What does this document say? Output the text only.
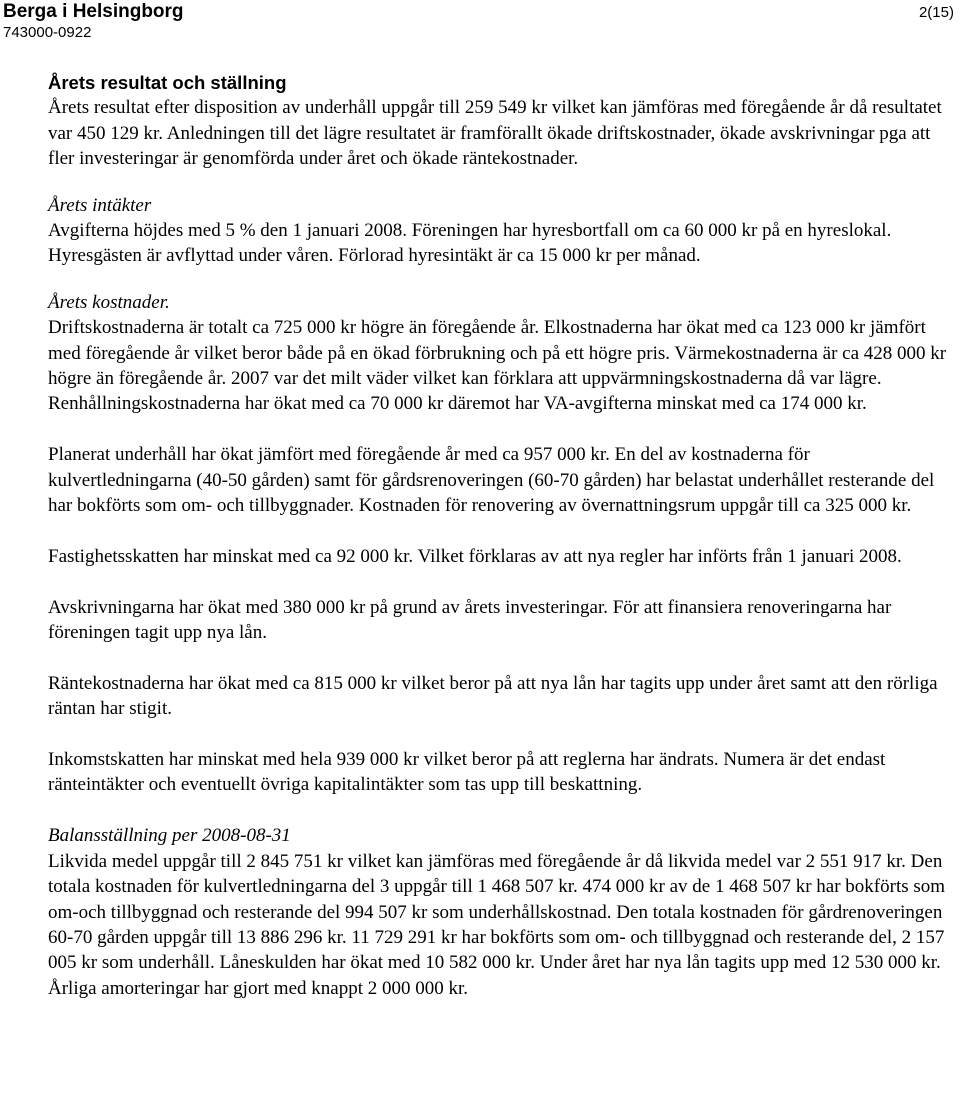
Berga i Helsingborg
743000-0922
2(15)
Årets resultat och ställning

Årets resultat efter disposition av underhåll uppgår till 259 549 kr vilket kan jämföras med föregående år då resultatet var 450 129 kr. Anledningen till det lägre resultatet är framförallt ökade driftskostnader, ökade avskrivningar pga att fler investeringar är genomförda under året och ökade räntekostnader.

Årets intäkter

Avgifterna höjdes med 5 % den 1 januari 2008. Föreningen har hyresbortfall om ca 60 000 kr på en hyreslokal. Hyresgästen är avflyttad under våren. Förlorad hyresintäkt är ca 15 000 kr per månad.

Årets kostnader.

Driftskostnaderna är totalt ca 725 000 kr högre än föregående år. Elkostnaderna har ökat med ca 123 000 kr jämfört med föregående år vilket beror både på en ökad förbrukning och på ett högre pris. Värmekostnaderna är ca 428 000 kr högre än föregående år. 2007 var det milt väder vilket kan förklara att uppvärmningskostnaderna då var lägre. Renhållningskostnaderna har ökat med ca 70 000 kr däremot har VA-avgifterna minskat med ca 174 000 kr.

Planerat underhåll har ökat jämfört med föregående år med ca 957 000 kr. En del av kostnaderna för kulvertledningarna (40-50 gården) samt för gårdsrenoveringen (60-70 gården) har belastat underhållet resterande del har bokförts som om- och tillbyggnader. Kostnaden för renovering av övernattningsrum uppgår till ca 325 000 kr.

Fastighetsskatten har minskat med ca 92 000 kr. Vilket förklaras av att nya regler har införts från 1 januari 2008.

Avskrivningarna har ökat med 380 000 kr på grund av årets investeringar. För att finansiera renoveringarna har föreningen tagit upp nya lån.

Räntekostnaderna har ökat med ca 815 000 kr vilket beror på att nya lån har tagits upp under året samt att den rörliga räntan har stigit.

Inkomstskatten har minskat med hela 939 000 kr vilket beror på att reglerna har ändrats. Numera är det endast ränteintäkter och eventuellt övriga kapitalintäkter som tas upp till beskattning.

Balansställning per 2008-08-31

Likvida medel uppgår till 2 845 751 kr vilket kan jämföras med föregående år då likvida medel var 2 551 917 kr. Den totala kostnaden för kulvertledningarna del 3 uppgår till 1 468 507 kr. 474 000 kr av de 1 468 507 kr har bokförts som om-och tillbyggnad och resterande del 994 507 kr som underhållskostnad. Den totala kostnaden för gårdrenoveringen 60-70 gården uppgår till 13 886 296 kr. 11 729 291 kr har bokförts som om- och tillbyggnad och resterande del, 2 157 005 kr som underhåll. Låneskulden har ökat med 10 582 000 kr. Under året har nya lån tagits upp med 12 530 000 kr. Årliga amorteringar har gjort med knappt 2 000 000 kr.
